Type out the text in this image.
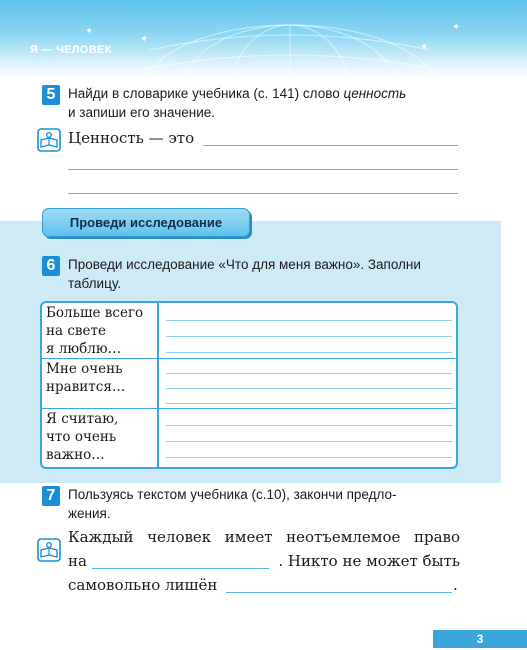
✦
✦
✦
✦
Я — ЧЕЛОВЕК
5 Найди в словарике учебника (с. 141) слово ценность
и запиши его значение.
Ценность — это
Проведи исследование
6 Проведи исследование «Что для меня важно». Заполни
таблицу.
Больше всего
на свете
я люблю…
Мне очень
нравится…
Я считаю,
что очень
важно…
7 Пользуясь текстом учебника (с.10), закончи предло-
жения.
Каждый человек имеет неотъемлемое право
на	. Никто не может быть
самовольно лишён	.
3
